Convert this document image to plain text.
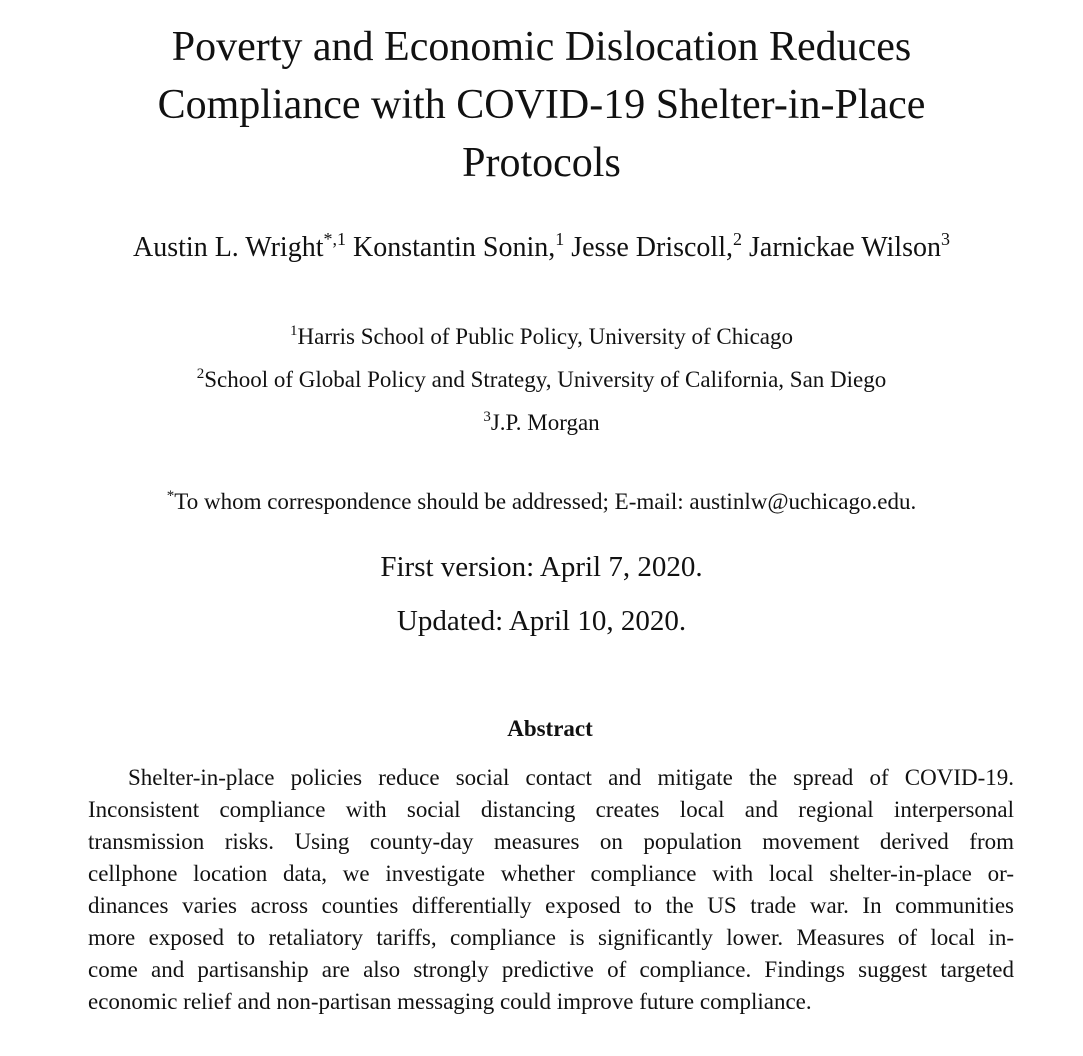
Poverty and Economic Dislocation Reduces
Compliance with COVID-19 Shelter-in-Place
Protocols
Austin L. Wright$^{*,1}$ Konstantin Sonin,$^1$ Jesse Driscoll,$^2$ Jarnickae Wilson$^3$
$^1$Harris School of Public Policy, University of Chicago
$^2$School of Global Policy and Strategy, University of California, San Diego
$^3$J.P. Morgan
*To whom correspondence should be addressed; E-mail: austinlw@uchicago.edu.
First version: April 7, 2020.
Updated: April 10, 2020.
Abstract
Shelter-in-place policies reduce social contact and mitigate the spread of COVID-19.
Inconsistent compliance with social distancing creates local and regional interpersonal
transmission risks. Using county-day measures on population movement derived from
cellphone location data, we investigate whether compliance with local shelter-in-place or-
dinances varies across counties differentially exposed to the US trade war. In communities
more exposed to retaliatory tariffs, compliance is significantly lower. Measures of local in-
come and partisanship are also strongly predictive of compliance. Findings suggest targeted
economic relief and non-partisan messaging could improve future compliance.
